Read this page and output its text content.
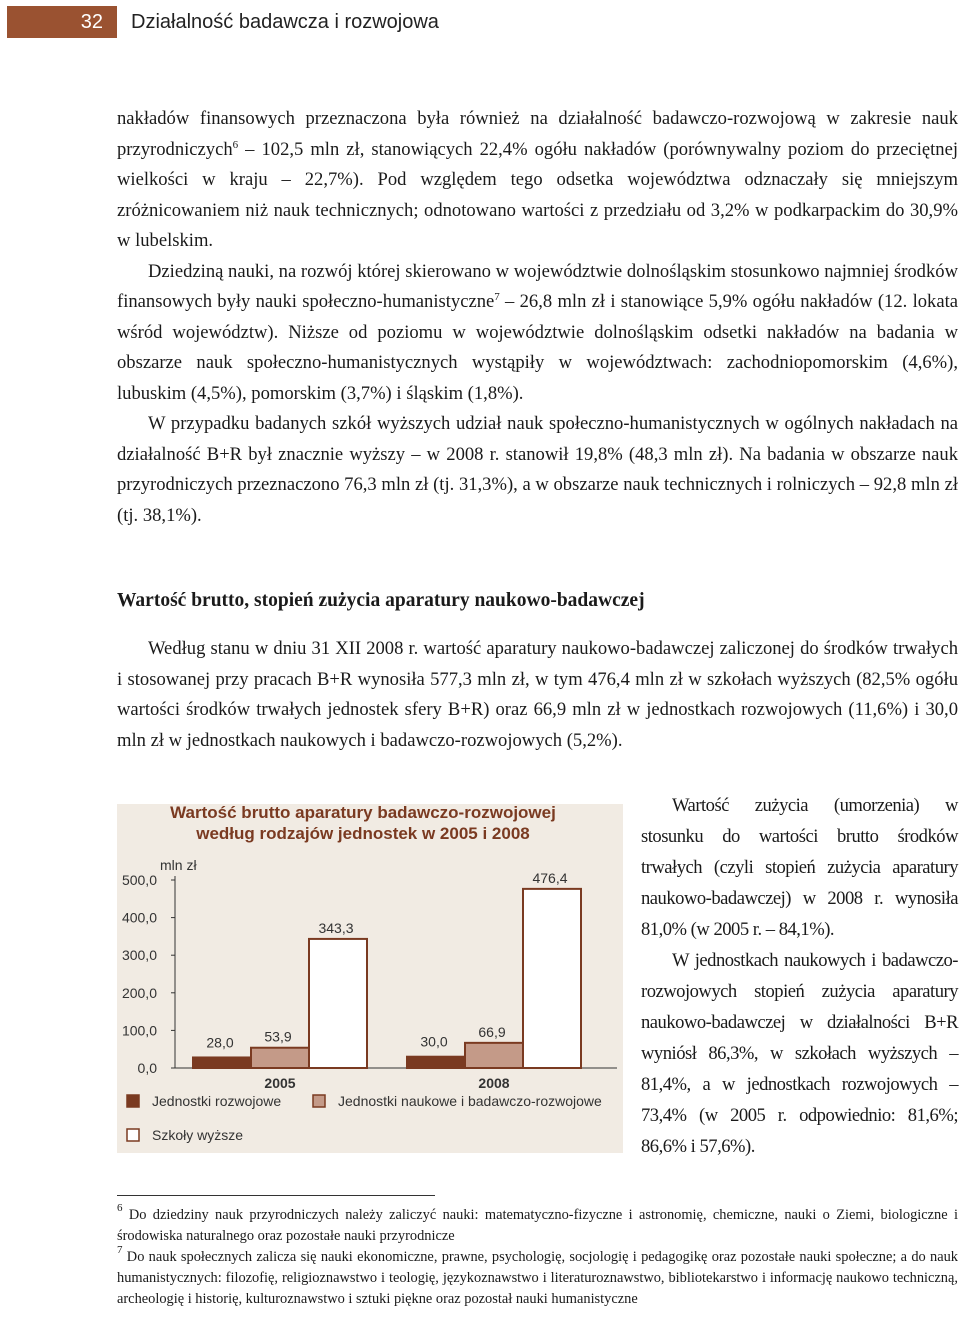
32	Działalność badawcza i rozwojowa

nakładów finansowych przeznaczona była również na działalność badawczo-rozwojową w zakresie nauk przyrodniczych$^6$ – 102,5 mln zł, stanowiących 22,4% ogółu nakładów (porównywalny poziom do przeciętnej wielkości w kraju – 22,7%). Pod względem tego odsetka województwa odznaczały się mniejszym zróżnicowaniem niż nauk technicznych; odnotowano wartości z przedziału od 3,2% w podkarpackim do 30,9% w lubelskim.

Dziedziną nauki, na rozwój której skierowano w województwie dolnośląskim stosunkowo najmniej środków finansowych były nauki społeczno-humanistyczne$^7$ – 26,8 mln zł i stanowiące 5,9% ogółu nakładów (12. lokata wśród województw). Niższe od poziomu w województwie dolnośląskim odsetki nakładów na badania w obszarze nauk społeczno-humanistycznych wystąpiły w województwach: zachodniopomorskim (4,6%), lubuskim (4,5%), pomorskim (3,7%) i śląskim (1,8%).

W przypadku badanych szkół wyższych udział nauk społeczno-humanistycznych w ogólnych nakładach na działalność B+R był znacznie wyższy – w 2008 r. stanowił 19,8% (48,3 mln zł). Na badania w obszarze nauk przyrodniczych przeznaczono 76,3 mln zł (tj. 31,3%), a w obszarze nauk technicznych i rolniczych – 92,8 mln zł (tj. 38,1%).

Wartość brutto, stopień zużycia aparatury naukowo-badawczej

Według stanu w dniu 31 XII 2008 r. wartość aparatury naukowo-badawczej zaliczonej do środków trwałych i stosowanej przy pracach B+R wynosiła 577,3 mln zł, w tym 476,4 mln zł w szkołach wyższych (82,5% ogółu wartości środków trwałych jednostek sfery B+R) oraz 66,9 mln zł w jednostkach rozwojowych (11,6%) i 30,0 mln zł w jednostkach naukowych i badawczo-rozwojowych (5,2%).

Wartość brutto aparatury badawczo-rozwojowej
według rodzajów jednostek w 2005 i 2008
mln zł
500,0
400,0
300,0
200,0
100,0
0,0
28,0 53,9
343,3
2005
30,0
66,9
476,4
2008
Jednostki rozwojowe	Jednostki naukowe i badawczo-rozwojowe
Szkoły wyższe

Wartość zużycia (umorzenia) w stosunku do wartości brutto środków trwałych (czyli stopień zużycia aparatury naukowo-badawczej) w 2008 r. wynosiła 81,0% (w 2005 r. – 84,1%).

W jednostkach naukowych i badawczo-rozwojowych stopień zużycia aparatury naukowo-badawczej w działalności B+R wyniósł 86,3%, w szkołach wyższych – 81,4%, a w jednostkach rozwojowych – 73,4% (w 2005 r. odpowiednio: 81,6%; 86,6% i 57,6%).

$^6$ Do dziedziny nauk przyrodniczych należy zaliczyć nauki: matematyczno-fizyczne i astronomię, chemiczne, nauki o Ziemi, biologiczne i środowiska naturalnego oraz pozostałe nauki przyrodnicze

$^7$ Do nauk społecznych zalicza się nauki ekonomiczne, prawne, psychologię, socjologię i pedagogikę oraz pozostałe nauki społeczne; a do nauk humanistycznych: filozofię, religioznawstwo i teologię, językoznawstwo i literaturoznawstwo, bibliotekarstwo i informację naukowo techniczną, archeologię i historię, kulturoznawstwo i sztuki piękne oraz pozostał nauki humanistyczne
